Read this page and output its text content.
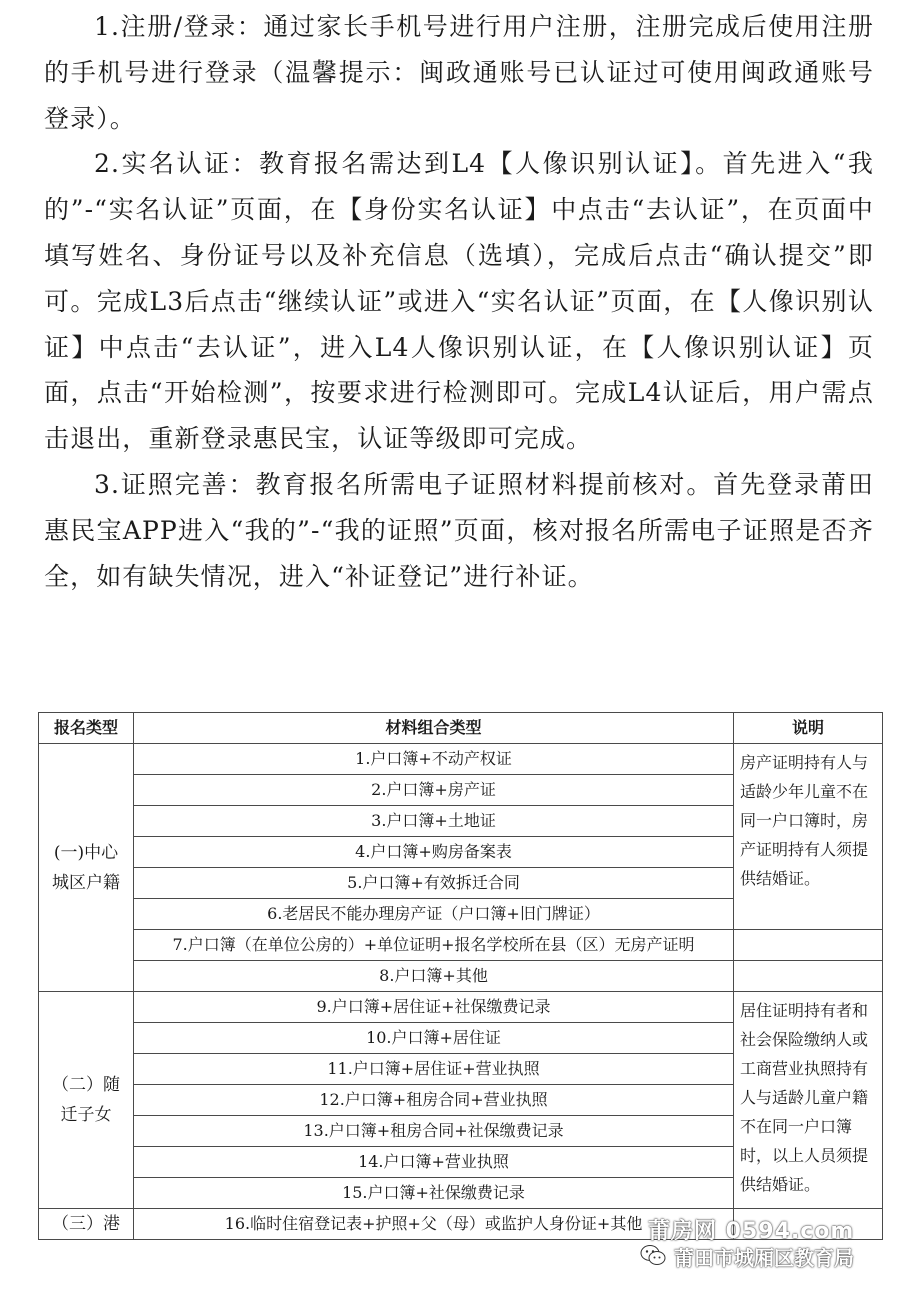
1.注册/登录：通过家长手机号进行用户注册，注册完成后使用注册的手机号进行登录（温馨提示：闽政通账号已认证过可使用闽政通账号登录）。

2.实名认证：教育报名需达到L4【人像识别认证】。首先进入“我的”-“实名认证”页面，在【身份实名认证】中点击“去认证”，在页面中填写姓名、身份证号以及补充信息（选填），完成后点击“确认提交”即可。完成L3后点击“继续认证”或进入“实名认证”页面，在【人像识别认证】中点击“去认证”，进入L4人像识别认证，在【人像识别认证】页面，点击“开始检测”，按要求进行检测即可。完成L4认证后，用户需点击退出，重新登录惠民宝，认证等级即可完成。

3.证照完善：教育报名所需电子证照材料提前核对。首先登录莆田惠民宝APP进入“我的”-“我的证照”页面，核对报名所需电子证照是否齐全，如有缺失情况，进入“补证登记”进行补证。

报名类型	材料组合类型	说明
(一)中心城区户籍	1.户口簿+不动产权证	房产证明持有人与适龄少年儿童不在同一户口簿时，房产证明持有人须提供结婚证。
	2.户口簿+房产证	
	3.户口簿+土地证	
	4.户口簿+购房备案表	
	5.户口簿+有效拆迁合同	
	6.老居民不能办理房产证（户口簿+旧门牌证）	
	7.户口簿（在单位公房的）+单位证明+报名学校所在县（区）无房产证明	
	8.户口簿+其他	
（二）随迁子女	9.户口簿+居住证+社保缴费记录	居住证明持有者和社会保险缴纳人或工商营业执照持有人与适龄儿童户籍不在同一户口簿时，以上人员须提供结婚证。
	10.户口簿+居住证	
	11.户口簿+居住证+营业执照	
	12.户口簿+租房合同+营业执照	
	13.户口簿+租房合同+社保缴费记录	
	14.户口簿+营业执照	
	15.户口簿+社保缴费记录	
（三）港	16.临时住宿登记表+护照+父（母）或监护人身份证+其他	莆房网 0594.com
莆田市城厢区教育局
